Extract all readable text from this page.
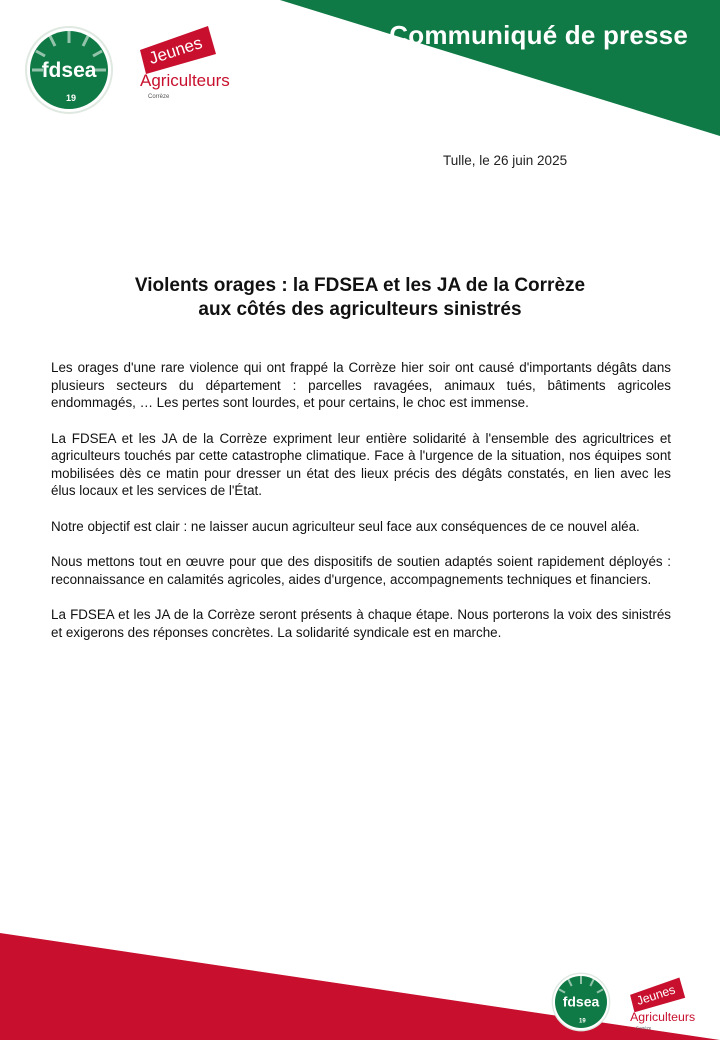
Communiqué de presse
fdsea
19
Jeunes
Agriculteurs
Corrèze
Tulle, le 26 juin 2025
Violents orages : la FDSEA et les JA de la Corrèze
aux côtés des agriculteurs sinistrés

Les orages d'une rare violence qui ont frappé la Corrèze hier soir ont causé d'importants dégâts dans plusieurs secteurs du département : parcelles ravagées, animaux tués, bâtiments agricoles endommagés, … Les pertes sont lourdes, et pour certains, le choc est immense.

La FDSEA et les JA de la Corrèze expriment leur entière solidarité à l'ensemble des agricultrices et agriculteurs touchés par cette catastrophe climatique. Face à l'urgence de la situation, nos équipes sont mobilisées dès ce matin pour dresser un état des lieux précis des dégâts constatés, en lien avec les élus locaux et les services de l'État.

Notre objectif est clair : ne laisser aucun agriculteur seul face aux conséquences de ce nouvel aléa.

Nous mettons tout en œuvre pour que des dispositifs de soutien adaptés soient rapidement déployés : reconnaissance en calamités agricoles, aides d'urgence, accompagnements techniques et financiers.

La FDSEA et les JA de la Corrèze seront présents à chaque étape. Nous porterons la voix des sinistrés et exigerons des réponses concrètes. La solidarité syndicale est en marche.

fdsea
19
Jeunes
Agriculteurs
Corrèze
